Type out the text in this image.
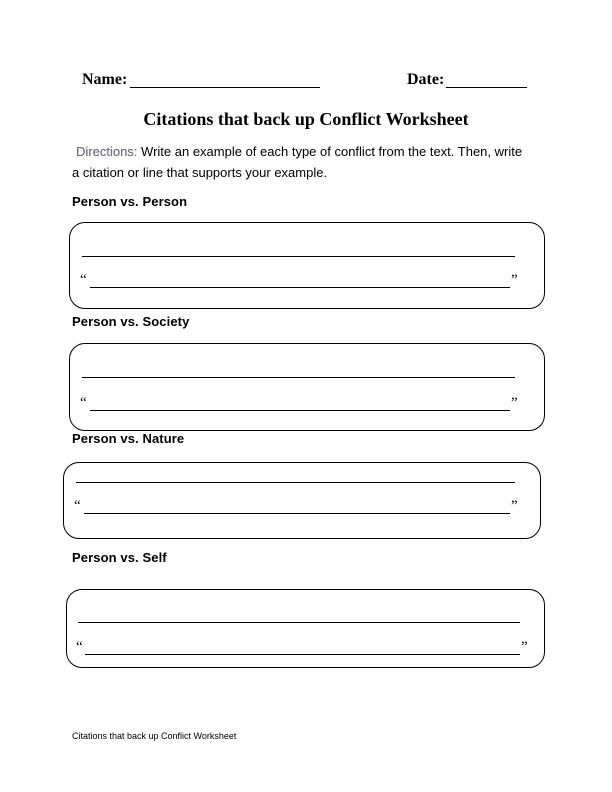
Name:	Date:
Citations that back up Conflict Worksheet
Directions: Write an example of each type of conflict from the text. Then, write
a citation or line that supports your example.
Person vs. Person
“	”
Person vs. Society
“	”
Person vs. Nature
“	”
Person vs. Self
“	”
Citations that back up Conflict Worksheet
